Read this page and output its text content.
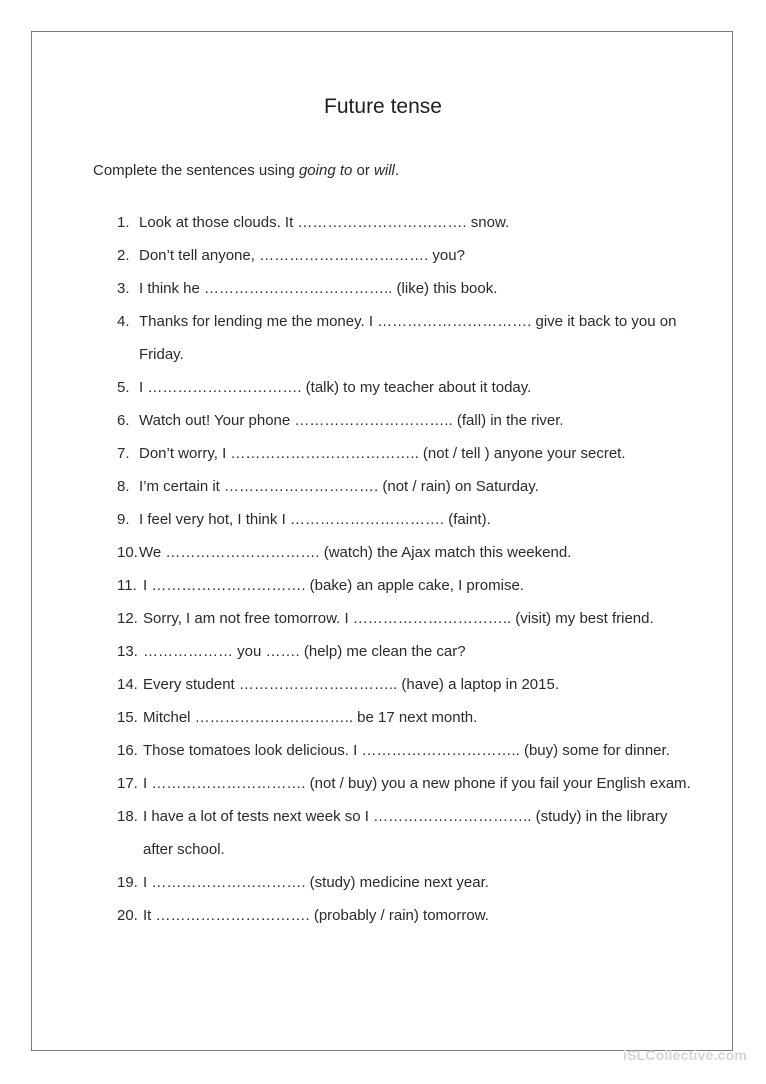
Future tense
Complete the sentences using going to or will.
1. Look at those clouds. It ……………………………. snow.
2. Don’t tell anyone, ……………………………. you?
3. I think he ……………………………….. (like) this book.
4. Thanks for lending me the money. I …………………………. give it back to you on Friday.
5. I …………………………. (talk) to my teacher about it today.
6. Watch out! Your phone ………………………….. (fall) in the river.
7. Don’t worry, I ……………………………….. (not / tell ) anyone your secret.
8. I’m certain it …………………………. (not / rain) on Saturday.
9. I feel very hot, I think I …………………………. (faint).
10. We …………………………. (watch) the Ajax match this weekend.
11. I …………………………. (bake) an apple cake, I promise.
12. Sorry, I am not free tomorrow. I ………………………….. (visit) my best friend.
13. ……………… you ……. (help) me clean the car?
14. Every student ………………………….. (have) a laptop in 2015.
15. Mitchel ………………………….. be 17 next month.
16. Those tomatoes look delicious. I ………………………….. (buy) some for dinner.
17. I …………………………. (not / buy) you a new phone if you fail your English exam.
18. I have a lot of tests next week so I ………………………….. (study) in the library after school.
19. I …………………………. (study) medicine next year.
20. It …………………………. (probably / rain) tomorrow.
iSLCollective.com
